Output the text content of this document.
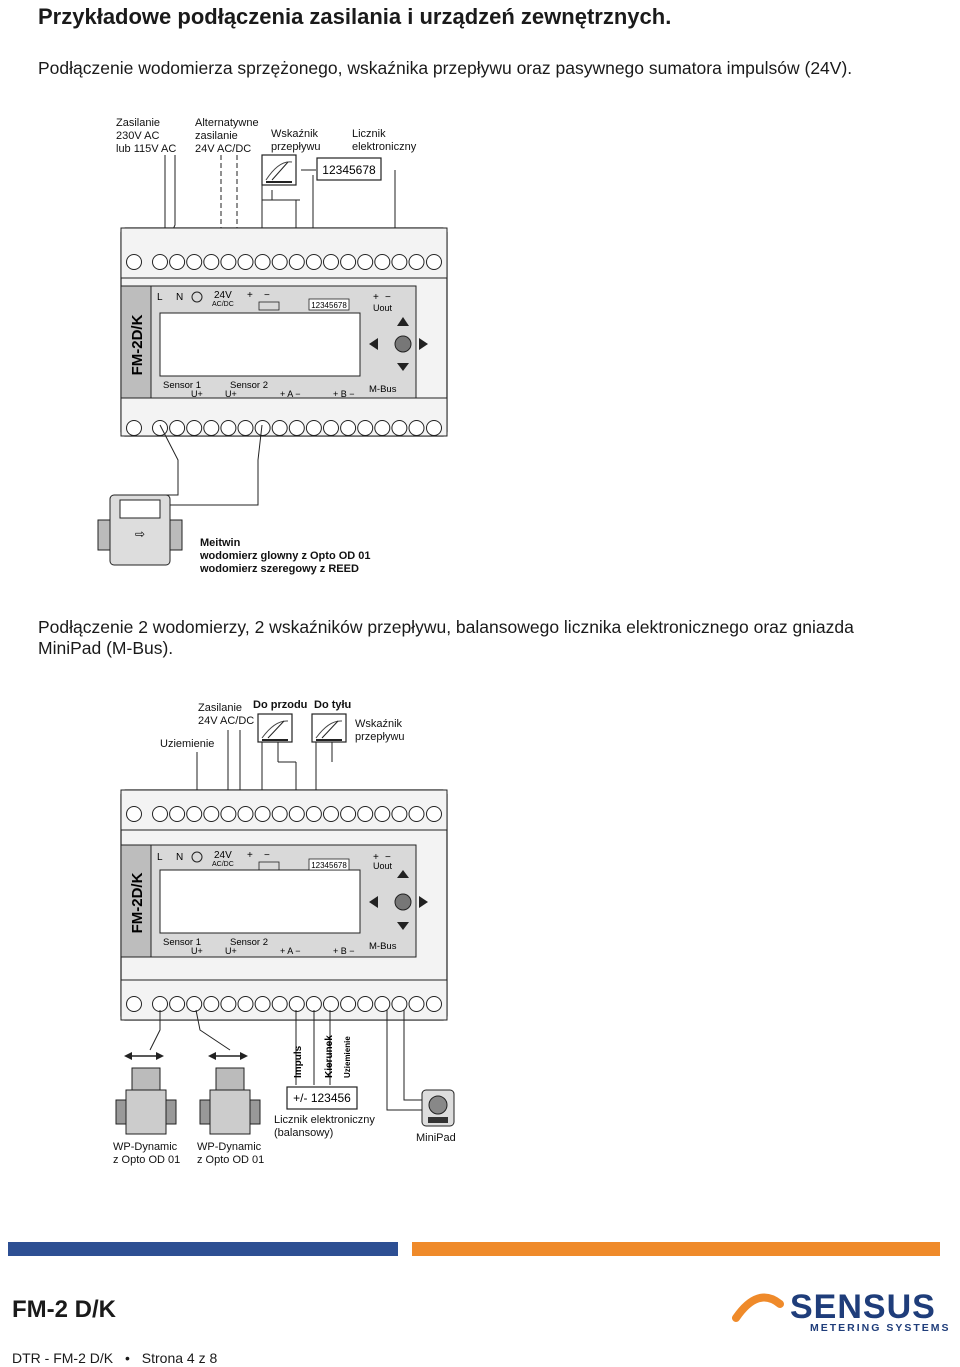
Przykładowe podłączenia zasilania i urządzeń zewnętrznych.
Podłączenie wodomierza sprzężonego, wskaźnika przepływu oraz pasywnego sumatora impulsów (24V).
Zasilanie
230V AC
lub 115V AC
Alternatywne
zasilanie
24V AC/DC
Wskaźnik
przepływu
Licznik
elektroniczny
12345678
FM-2D/K
L N	24V
AC/DC
+ −
12345678
+ −
Uout
Sensor 1	Sensor 2
U+ U+	+ A −	+ B − M-Bus
⇨
Meitwin
wodomierz glowny z Opto OD 01
wodomierz szeregowy z REED
Podłączenie 2 wodomierzy, 2 wskaźników przepływu, balansowego licznika elektronicznego oraz gniazda
MiniPad (M-Bus).
Zasilanie
24V AC/DC
Uziemienie
Do przodu Do tyłu
Wskaźnik
przepływu
FM-2D/K
L N	24V
AC/DC
+ −
12345678
+ −
Uout
Sensor 1	Sensor 2
U+ U+	+ A −	+ B − M-Bus
Impuls Kierunek Uziemienie
+/- 123456
Licznik elektroniczny
(balansowy)	MiniPad
WP-Dynamic
z Opto OD 01
WP-Dynamic
z Opto OD 01
FM-2 D/K
DTR - FM-2 D/K • Strona 4 z 8
SENSUS
METERING SYSTEMS
